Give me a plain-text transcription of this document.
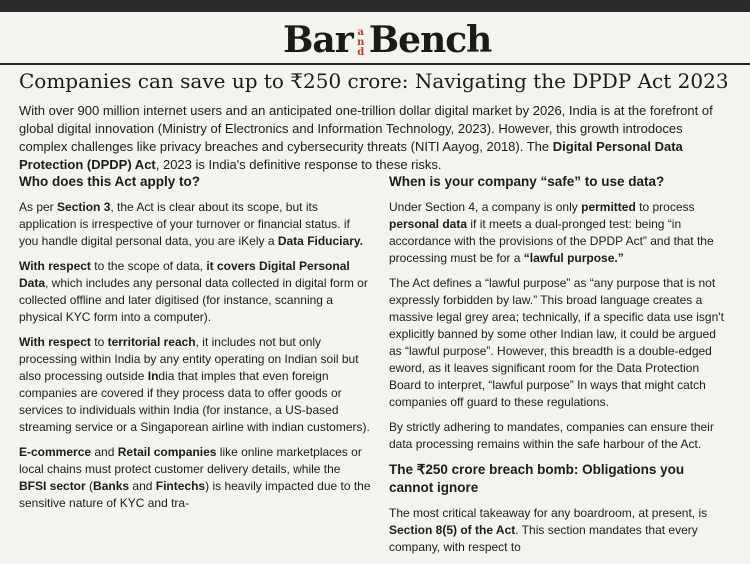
Bar and Bench
Companies can save up to ₹250 crore: Navigating the DPDP Act 2023
With over 900 million internet users and an anticipated one-trillion dollar digital market by 2026, India is at the forefront of global digital innovation (Ministry of Electronics and Information Technology, 2023). However, this growth introdoces complex challenges like privacy breaches and cybersecurity threats (NITI Aayog, 2018). The Digital Personal Data Protection (DPDP) Act, 2023 is India's definitive response to these risks.
Who does this Act apply to?

As per Section 3, the Act is clear about its scope, but its application is irrespective of your turnover or financial status. if you handle digital personal data, you are iKely a Data Fiduciary.

With respect to the scope of data, it covers Digital Personal Data, which includes any personal data collected in digital form or collected offline and later digitised (for instance, scanning a physical KYC form into a computer).

With respect to territorial reach, it includes not but only processing within India by any entity operating on Indian soil but also processing outside India that imples that even foreign companies are covered if they process data to offer goods or services to individuals within India (for instance, a US-based streaming service or a Singaporean airline with indian customers).

E-commerce and Retail companies like online marketplaces or local chains must protect customer delivery details, while the BFSI sector (Banks and Fintechs) is heavily impacted due to the sensitive nature of KYC and tra-

When is your company “safe” to use data?

Under Section 4, a company is only permitted to process personal data if it meets a dual-pronged test: being “in accordance with the provisions of the DPDP Act” and that the processing must be for a “lawful purpose.”

The Act defines a “lawful purpose” as “any purpose that is not expressly forbidden by law.” This broad language creates a massive legal grey area; technically, if a specific data use isgn't explicitly banned by some other Indian law, it could be argued as “lawful purpose”. However, this breadth is a double-edged eword, as it leaves significant room for the Data Protection Board to interpret, “lawful purpose” In ways that might catch companies off guard to these regulations.

By strictly adhering to mandates, companies can ensure their data processing remains within the safe harbour of the Act.

The ₹250 crore breach bomb: Obligations you cannot ignore

The most critical takeaway for any boardroom, at present, is Section 8(5) of the Act. This section mandates that every company, with respect to
